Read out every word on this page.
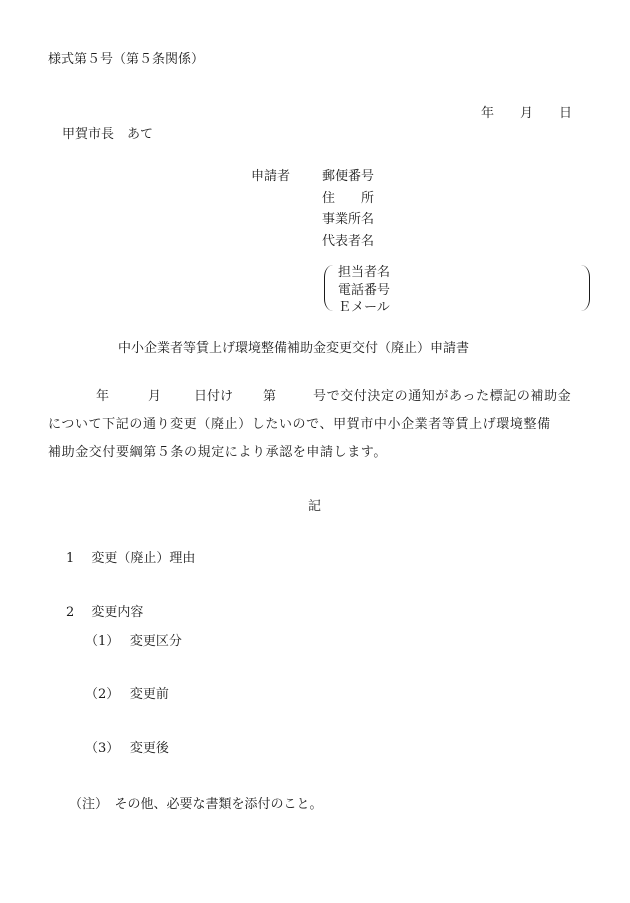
様式第５号（第５条関係）
年　　月　　日
甲賀市長　あて
申請者 郵便番号
住　　所
事業所名
代表者名
担当者名
電話番号
Ｅメール
中小企業者等賃上げ環境整備補助金変更交付（廃止）申請書
年	月	日付け 第	号で交付決定の通知があった標記の補助金
について下記の通り変更（廃止）したいので、甲賀市中小企業者等賃上げ環境整備
補助金交付要綱第５条の規定により承認を申請します。
記
1　 変更（廃止）理由
2　 変更内容
（1）　 変更区分
（2）　 変更前
（3）　 変更後
（注）　その他、必要な書類を添付のこと。
